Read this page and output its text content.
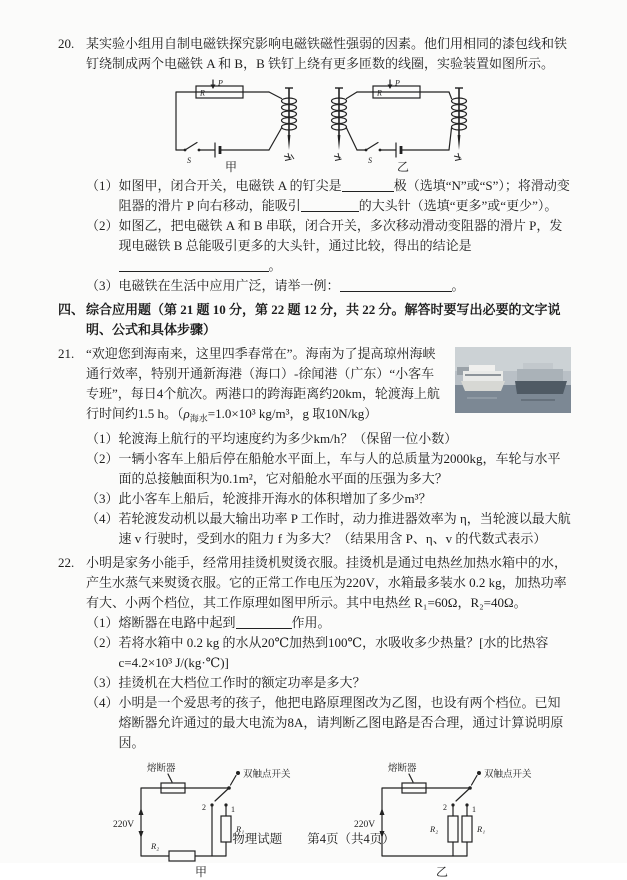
20. 某实验小组用自制电磁铁探究影响电磁铁磁性强弱的因素。他们用相同的漆包线和铁钉绕制成两个电磁铁 A 和 B，B 铁钉上绕有更多匝数的线圈，实验装置如图所示。
P
R
S	甲
P
R
S 乙
（1） 如图甲，闭合开关，电磁铁 A 的钉尖是	极（选填“N”或“S”）；将滑动变阻器的滑片 P 向右移动，能吸引	的大头针（选填“更多”或“更少”）。
（2） 如图乙，把电磁铁 A 和 B 串联，闭合开关，多次移动滑动变阻器的滑片 P，发现电磁铁 B 总能吸引更多的大头针，通过比较，得出的结论是。
（3） 电磁铁在生活中应用广泛，请举一例：	。
四、 综合应用题（第 21 题 10 分，第 22 题 12 分，共 22 分。解答时要写出必要的文字说明、公式和具体步骤）
21. “欢迎您到海南来，这里四季春常在”。海南为了提高琼州海峡通行效率，特别开通新海港（海口）-徐闻港（广东）“小客车专班”，每日4个航次。两港口的跨海距离约20km，轮渡海上航行时间约1.5 h。（$\rho_{海水}=1.0\times 10^3$ kg/m³，g 取10N/kg）
（1） 轮渡海上航行的平均速度约为多少km/h？（保留一位小数）
（2） 一辆小客车上船后停在船舱水平面上，车与人的总质量为2000kg，车轮与水平面的总接触面积为0.1m²，它对船舱水平面的压强为多大？
（3） 此小客车上船后，轮渡排开海水的体积增加了多少m³？
（4） 若轮渡发动机以最大输出功率 P 工作时，动力推进器效率为 η，当轮渡以最大航速 v 行驶时，受到水的阻力 f 为多大？（结果用含 P、η、v 的代数式表示）
22. 小明是家务小能手，经常用挂烫机熨烫衣服。挂烫机是通过电热丝加热水箱中的水，产生水蒸气来熨烫衣服。它的正常工作电压为220V，水箱最多装水 0.2 kg，加热功率有大、小两个档位，其工作原理如图甲所示。其中电热丝 R₁=60Ω，R₂=40Ω。
（1） 熔断器在电路中起到	作用。
（2） 若将水箱中 0.2 kg 的水从20℃加热到100℃，水吸收多少热量？[水的比热容 c=4.2×10³ J/(kg·℃)]
（3） 挂烫机在大档位工作时的额定功率是多大？
（4） 小明是一个爱思考的孩子，他把电路原理图改为乙图，也设有两个档位。已知熔断器允许通过的最大电流为8A，请判断乙图电路是否合理，通过计算说明原因。
熔断器
双触点开关
2	1
R₁
R₂
220V
甲
熔断器
双触点开关
2	1
R₂	R₁
220V
乙
物理试题　　第4页（共4页）
